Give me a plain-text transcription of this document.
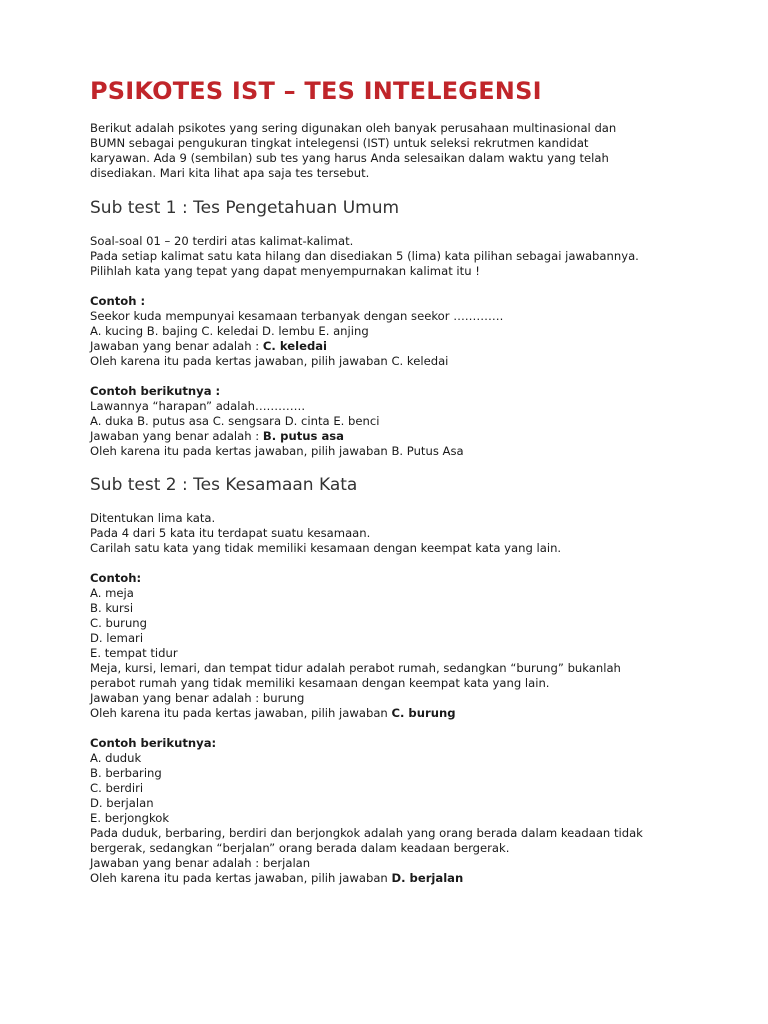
PSIKOTES IST – TES INTELEGENSI

Berikut adalah psikotes yang sering digunakan oleh banyak perusahaan multinasional dan
BUMN sebagai pengukuran tingkat intelegensi (IST) untuk seleksi rekrutmen kandidat
karyawan. Ada 9 (sembilan) sub tes yang harus Anda selesaikan dalam waktu yang telah
disediakan. Mari kita lihat apa saja tes tersebut.

Sub test 1 : Tes Pengetahuan Umum

Soal-soal 01 – 20 terdiri atas kalimat-kalimat.
Pada setiap kalimat satu kata hilang dan disediakan 5 (lima) kata pilihan sebagai jawabannya.
Pilihlah kata yang tepat yang dapat menyempurnakan kalimat itu !
Contoh :
Seekor kuda mempunyai kesamaan terbanyak dengan seekor ………….
A. kucing B. bajing C. keledai D. lembu E. anjing
Jawaban yang benar adalah : C. keledai
Oleh karena itu pada kertas jawaban, pilih jawaban C. keledai
Contoh berikutnya :
Lawannya “harapan” adalah………….
A. duka B. putus asa C. sengsara D. cinta E. benci
Jawaban yang benar adalah : B. putus asa
Oleh karena itu pada kertas jawaban, pilih jawaban B. Putus Asa

Sub test 2 : Tes Kesamaan Kata

Ditentukan lima kata.
Pada 4 dari 5 kata itu terdapat suatu kesamaan.
Carilah satu kata yang tidak memiliki kesamaan dengan keempat kata yang lain.
Contoh:
A. meja
B. kursi
C. burung
D. lemari
E. tempat tidur
Meja, kursi, lemari, dan tempat tidur adalah perabot rumah, sedangkan “burung” bukanlah
perabot rumah yang tidak memiliki kesamaan dengan keempat kata yang lain.
Jawaban yang benar adalah : burung
Oleh karena itu pada kertas jawaban, pilih jawaban C. burung
Contoh berikutnya:
A. duduk
B. berbaring
C. berdiri
D. berjalan
E. berjongkok
Pada duduk, berbaring, berdiri dan berjongkok adalah yang orang berada dalam keadaan tidak
bergerak, sedangkan “berjalan” orang berada dalam keadaan bergerak.
Jawaban yang benar adalah : berjalan
Oleh karena itu pada kertas jawaban, pilih jawaban D. berjalan
